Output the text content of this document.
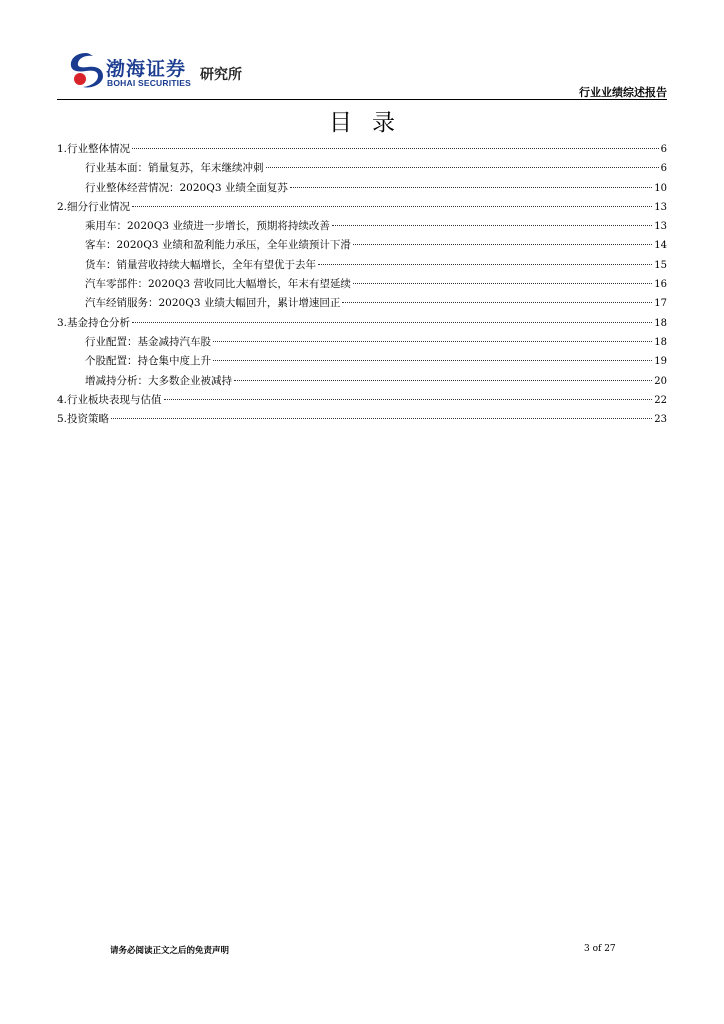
渤海证券
BOHAI SECURITIES 研究所
行业业绩综述报告
目录
1.行业整体情况	6
行业基本面：销量复苏，年末继续冲刺	6
行业整体经营情况：2020Q3 业绩全面复苏	10
2.细分行业情况	13
乘用车：2020Q3 业绩进一步增长，预期将持续改善	13
客车：2020Q3 业绩和盈利能力承压，全年业绩预计下滑	14
货车：销量营收持续大幅增长，全年有望优于去年	15
汽车零部件：2020Q3 营收同比大幅增长，年末有望延续	16
汽车经销服务：2020Q3 业绩大幅回升，累计增速回正	17
3.基金持仓分析	18
行业配置：基金减持汽车股	18
个股配置：持仓集中度上升	19
增减持分析：大多数企业被减持	20
4.行业板块表现与估值	22
5.投资策略	23
请务必阅读正文之后的免责声明	3 of 27
